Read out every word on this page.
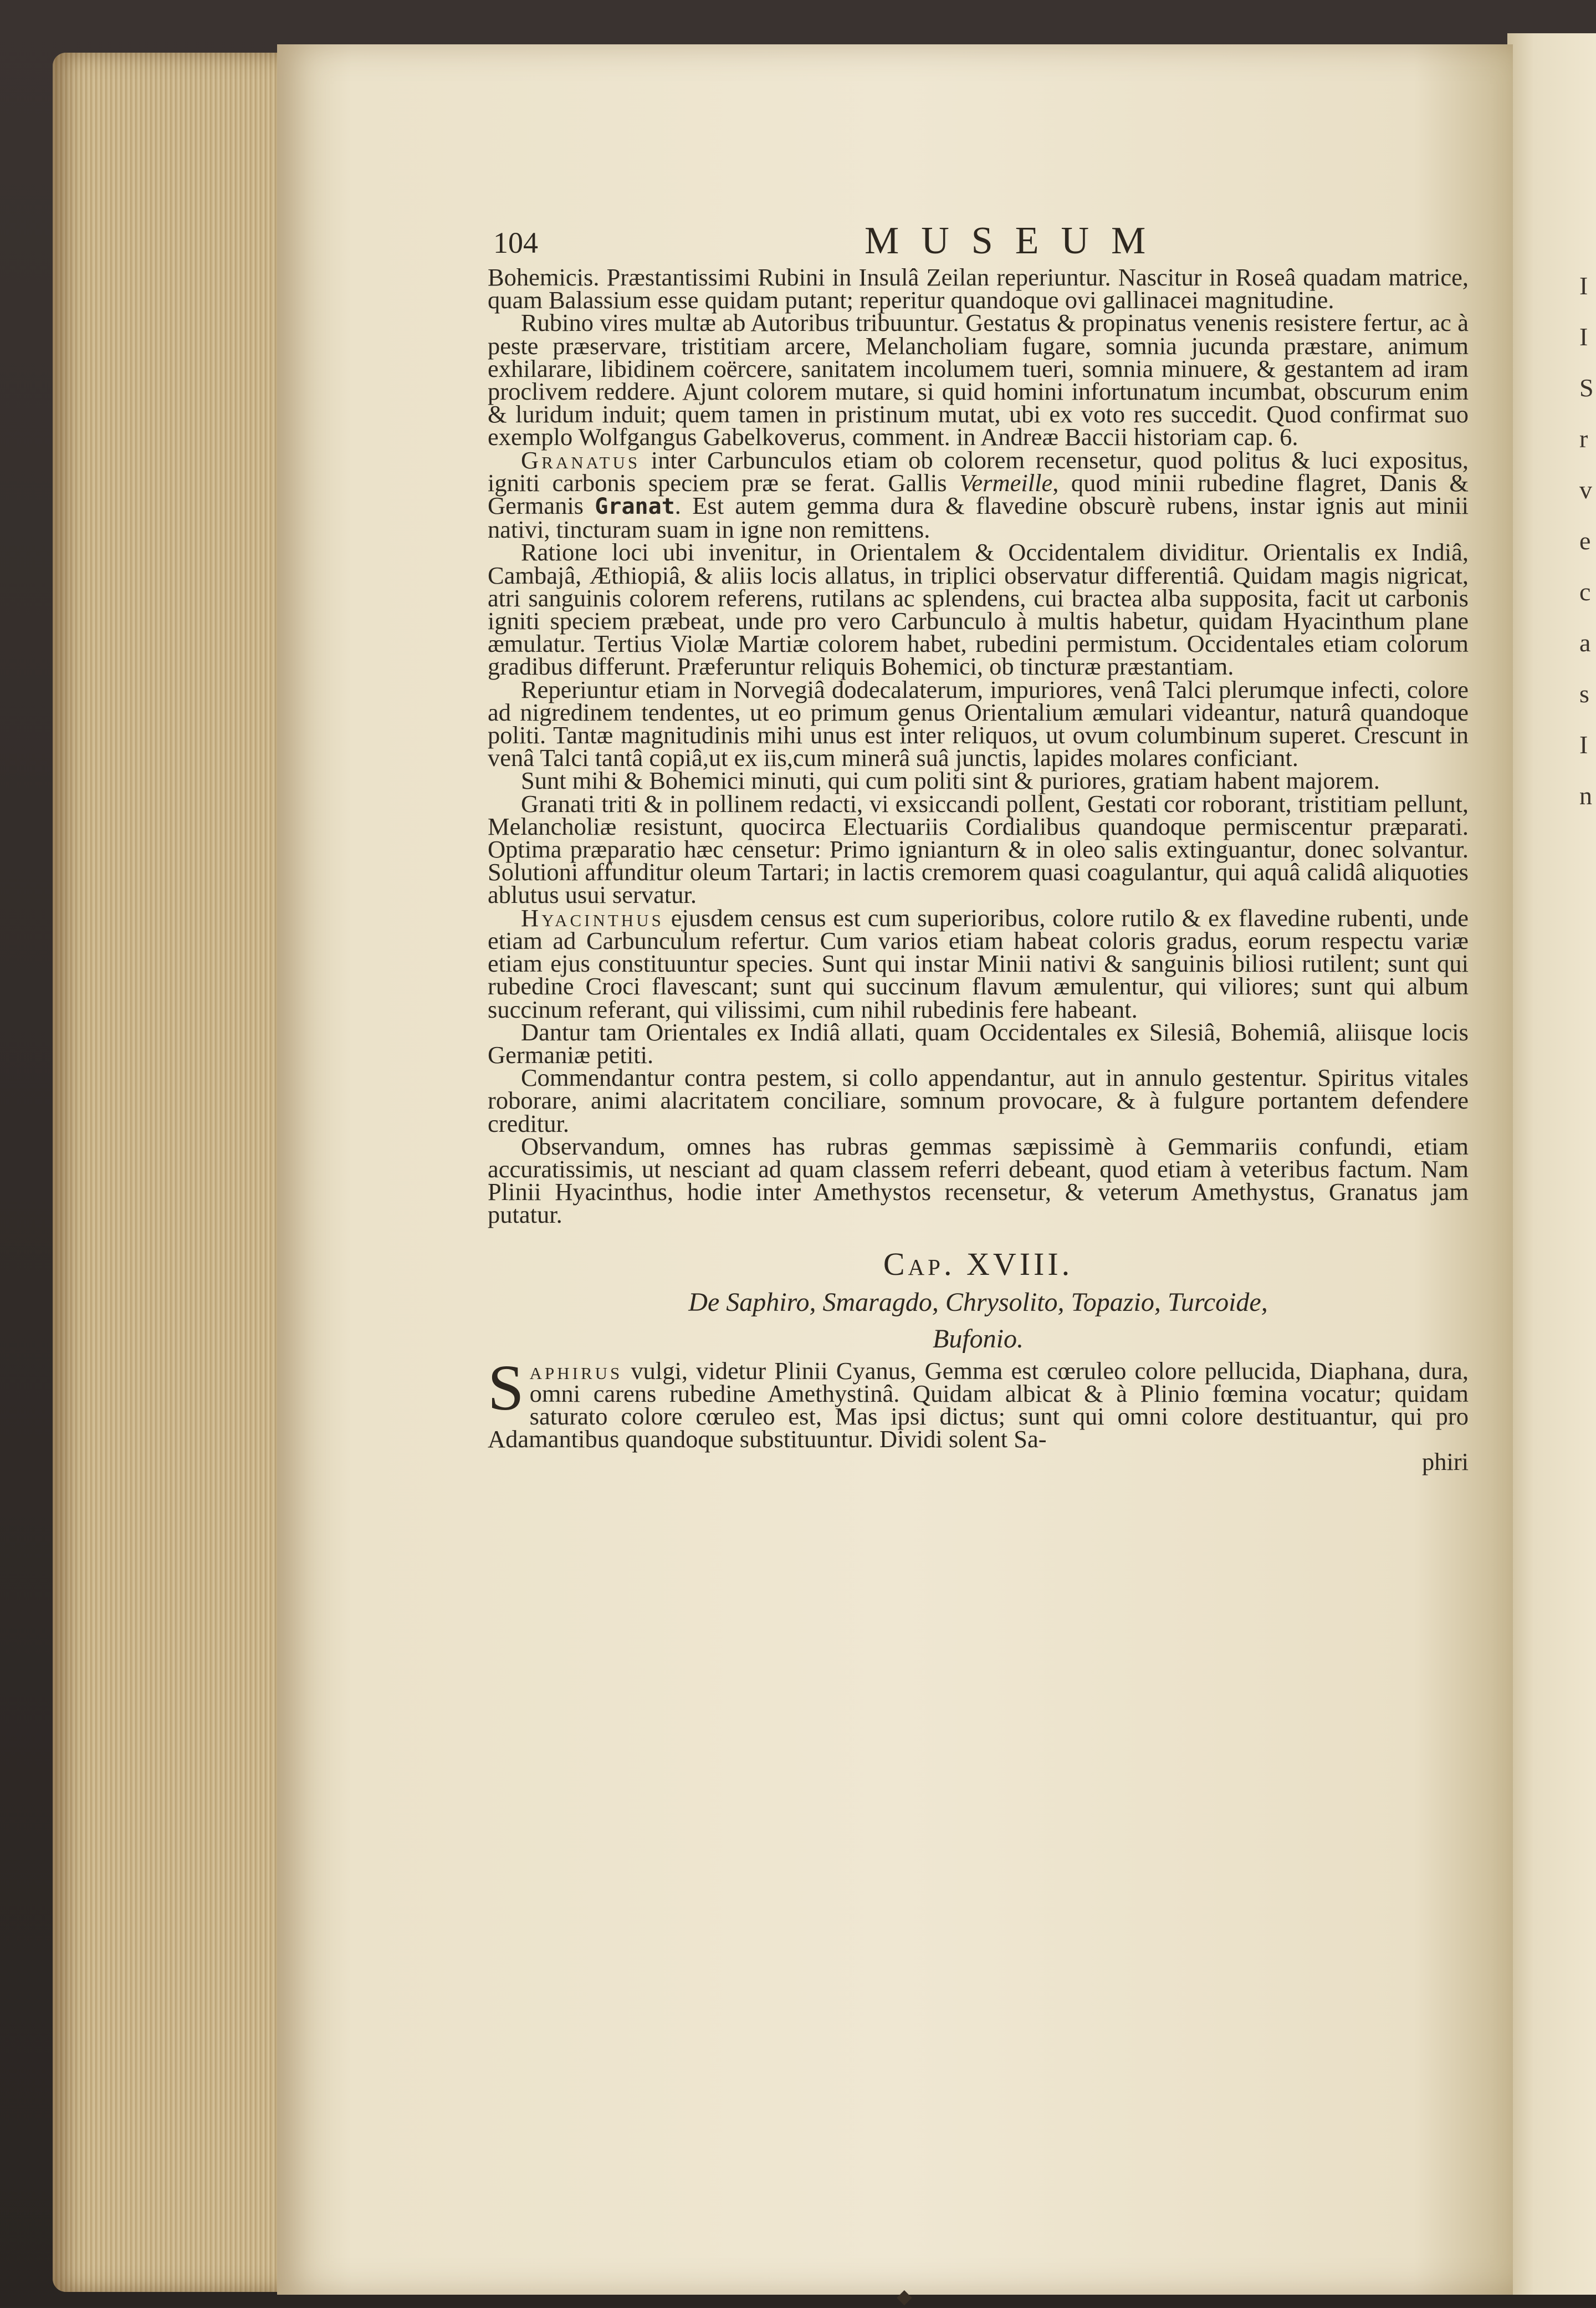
I
I
S
r
v
e
c
a
s
I
n
104	MUSEUM

Bohemicis. Præstantissimi Rubini in Insulâ Zeilan reperiuntur. Nascitur in Roseâ quadam matrice, quam Balassium esse quidam putant; reperitur quandoque ovi gallinacei magnitudine.

Rubino vires multæ ab Autoribus tribuuntur. Gestatus & propinatus venenis resistere fertur, ac à peste præservare, tristitiam arcere, Melancholiam fugare, somnia jucunda præstare, animum exhilarare, libidinem coërcere, sanitatem incolumem tueri, somnia minuere, & gestantem ad iram proclivem reddere. Ajunt colorem mutare, si quid homini infortunatum incumbat, obscurum enim & luridum induit; quem tamen in pristinum mutat, ubi ex voto res succedit. Quod confirmat suo exemplo Wolfgangus Gabelkoverus, comment. in Andreæ Baccii historiam cap. 6.

Granatus inter Carbunculos etiam ob colorem recensetur, quod politus & luci expositus, igniti carbonis speciem præ se ferat. Gallis Vermeille, quod minii rubedine flagret, Danis & Germanis Granat. Est autem gemma dura & flavedine obscurè rubens, instar ignis aut minii nativi, tincturam suam in igne non remittens.

Ratione loci ubi invenitur, in Orientalem & Occidentalem dividitur. Orientalis ex Indiâ, Cambajâ, Æthiopiâ, & aliis locis allatus, in triplici observatur differentiâ. Quidam magis nigricat, atri sanguinis colorem referens, rutilans ac splendens, cui bractea alba supposita, facit ut carbonis igniti speciem præbeat, unde pro vero Carbunculo à multis habetur, quidam Hyacinthum plane æmulatur. Tertius Violæ Martiæ colorem habet, rubedini permistum. Occidentales etiam colorum gradibus differunt. Præferuntur reliquis Bohemici, ob tincturæ præstantiam.

Reperiuntur etiam in Norvegiâ dodecalaterum, impuriores, venâ Talci plerumque infecti, colore ad nigredinem tendentes, ut eo primum genus Orientalium æmulari videantur, naturâ quandoque politi. Tantæ magnitudinis mihi unus est inter reliquos, ut ovum columbinum superet. Crescunt in venâ Talci tantâ copiâ,ut ex iis,cum minerâ suâ junctis, lapides molares conficiant.

Sunt mihi & Bohemici minuti, qui cum politi sint & puriores, gratiam habent majorem.

Granati triti & in pollinem redacti, vi exsiccandi pollent, Gestati cor roborant, tristitiam pellunt, Melancholiæ resistunt, quocirca Electuariis Cordialibus quandoque permiscentur præparati. Optima præparatio hæc censetur: Primo ignianturn & in oleo salis extinguantur, donec solvantur. Solutioni affunditur oleum Tartari; in lactis cremorem quasi coagulantur, qui aquâ calidâ aliquoties ablutus usui servatur.

Hyacinthus ejusdem census est cum superioribus, colore rutilo & ex flavedine rubenti, unde etiam ad Carbunculum refertur. Cum varios etiam habeat coloris gradus, eorum respectu variæ etiam ejus constituuntur species. Sunt qui instar Minii nativi & sanguinis biliosi rutilent; sunt qui rubedine Croci flavescant; sunt qui succinum flavum æmulentur, qui viliores; sunt qui album succinum referant, qui vilissimi, cum nihil rubedinis fere habeant.

Dantur tam Orientales ex Indiâ allati, quam Occidentales ex Silesiâ, Bohemiâ, aliisque locis Germaniæ petiti.

Commendantur contra pestem, si collo appendantur, aut in annulo gestentur. Spiritus vitales roborare, animi alacritatem conciliare, somnum provocare, & à fulgure portantem defendere creditur.

Observandum, omnes has rubras gemmas sæpissimè à Gemmariis confundi, etiam accuratissimis, ut nesciant ad quam classem referri debeant, quod etiam à veteribus factum. Nam Plinii Hyacinthus, hodie inter Amethystos recensetur, & veterum Amethystus, Granatus jam putatur.

Cap. XVIII.
De Saphiro, Smaragdo, Chrysolito, Topazio, Turcoide,
Bufonio.

Saphirus vulgi, videtur Plinii Cyanus, Gemma est cœruleo colore pellucida, Diaphana, dura, omni carens rubedine Amethystinâ. Quidam albicat & à Plinio fœmina vocatur; quidam saturato colore cœruleo est, Mas ipsi dictus; sunt qui omni colore destituantur, qui pro Adamantibus quandoque substituuntur. Dividi solent Sa-

phiri

◆
